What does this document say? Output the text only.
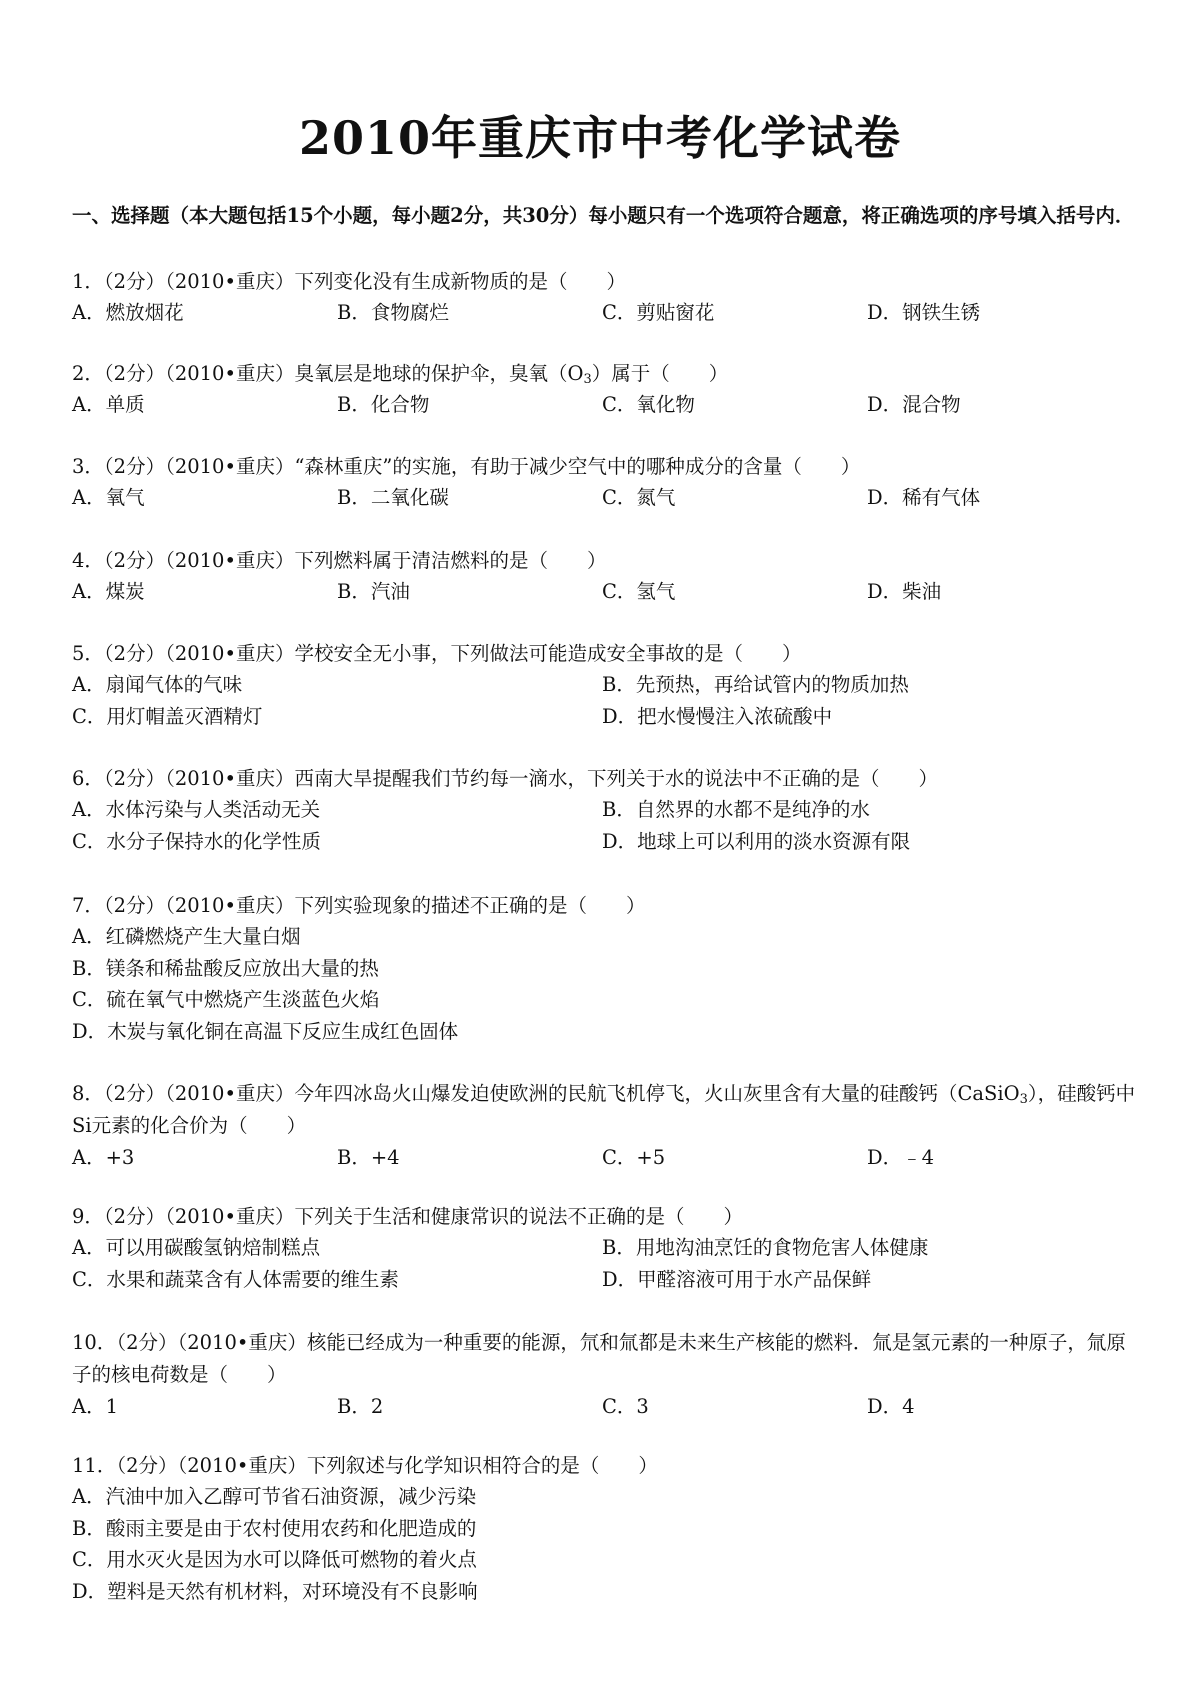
2010年重庆市中考化学试卷
一、选择题（本大题包括15个小题，每小题2分，共30分）每小题只有一个选项符合题意，将正确选项的序号填入括号内．
1．（2分）（2010•重庆）下列变化没有生成新物质的是（　　）
A．燃放烟花	B．食物腐烂	C．剪贴窗花	D．钢铁生锈
2．（2分）（2010•重庆）臭氧层是地球的保护伞，臭氧$(O_3)$属于（　　）
A．单质	B．化合物	C．氧化物	D．混合物
3．（2分）（2010•重庆）“森林重庆”的实施，有助于减少空气中的哪种成分的含量（　　）
A．氧气	B．二氧化碳	C．氮气	D．稀有气体
4．（2分）（2010•重庆）下列燃料属于清洁燃料的是（　　）
A．煤炭	B．汽油	C．氢气	D．柴油
5．（2分）（2010•重庆）学校安全无小事，下列做法可能造成安全事故的是（　　）
A．扇闻气体的气味	B．先预热，再给试管内的物质加热
C．用灯帽盖灭酒精灯	D．把水慢慢注入浓硫酸中
6．（2分）（2010•重庆）西南大旱提醒我们节约每一滴水，下列关于水的说法中不正确的是（　　）
A．水体污染与人类活动无关	B．自然界的水都不是纯净的水
C．水分子保持水的化学性质	D．地球上可以利用的淡水资源有限
7．（2分）（2010•重庆）下列实验现象的描述不正确的是（　　）
A．红磷燃烧产生大量白烟
B．镁条和稀盐酸反应放出大量的热
C．硫在氧气中燃烧产生淡蓝色火焰
D．木炭与氧化铜在高温下反应生成红色固体
8．（2分）（2010•重庆）今年四冰岛火山爆发迫使欧洲的民航飞机停飞，火山灰里含有大量的硅酸钙（CaSiO$_3$），硅酸钙中Si元素的化合价为（　　）
A．+3	B．+4	C．+5	D．﹣4
9．（2分）（2010•重庆）下列关于生活和健康常识的说法不正确的是（　　）
A．可以用碳酸氢钠焙制糕点	B．用地沟油烹饪的食物危害人体健康
C．水果和蔬菜含有人体需要的维生素	D．甲醛溶液可用于水产品保鲜
10．（2分）（2010•重庆）核能已经成为一种重要的能源，氘和氚都是未来生产核能的燃料．氚是氢元素的一种原子，氚原子的核电荷数是（　　）
A．1	B．2	C．3	D．4
11．（2分）（2010•重庆）下列叙述与化学知识相符合的是（　　）
A．汽油中加入乙醇可节省石油资源，减少污染
B．酸雨主要是由于农村使用农药和化肥造成的
C．用水灭火是因为水可以降低可燃物的着火点
D．塑料是天然有机材料，对环境没有不良影响
